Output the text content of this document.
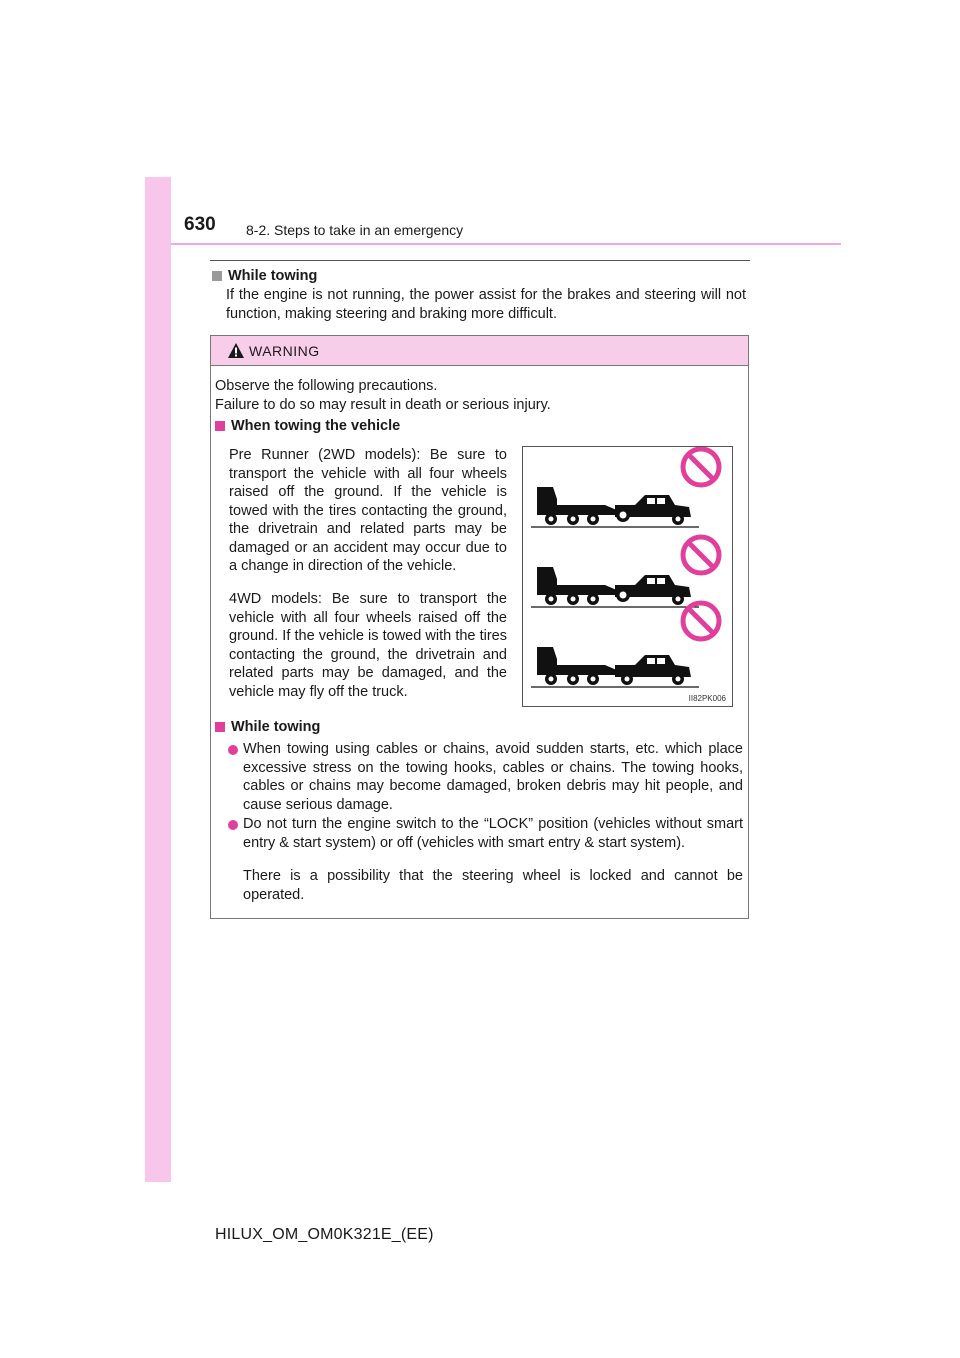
630 8-2. Steps to take in an emergency
While towing
If the engine is not running, the power assist for the brakes and steering will not function, making steering and braking more difficult.
WARNING
Observe the following precautions.
Failure to do so may result in death or serious injury.
When towing the vehicle
Pre Runner (2WD models): Be sure to transport the vehicle with all four wheels raised off the ground. If the vehicle is towed with the tires contacting the ground, the drivetrain and related parts may be damaged or an accident may occur due to a change in direction of the vehicle.
4WD models: Be sure to transport the vehicle with all four wheels raised off the ground. If the vehicle is towed with the tires contacting the ground, the drivetrain and related parts may be damaged, and the vehicle may fly off the truck.	II82PK006
While towing
When towing using cables or chains, avoid sudden starts, etc. which place excessive stress on the towing hooks, cables or chains. The towing hooks, cables or chains may become damaged, broken debris may hit people, and cause serious damage.
Do not turn the engine switch to the “LOCK” position (vehicles without smart entry & start system) or off (vehicles with smart entry & start system).
There is a possibility that the steering wheel is locked and cannot be operated.
HILUX_OM_OM0K321E_(EE)
